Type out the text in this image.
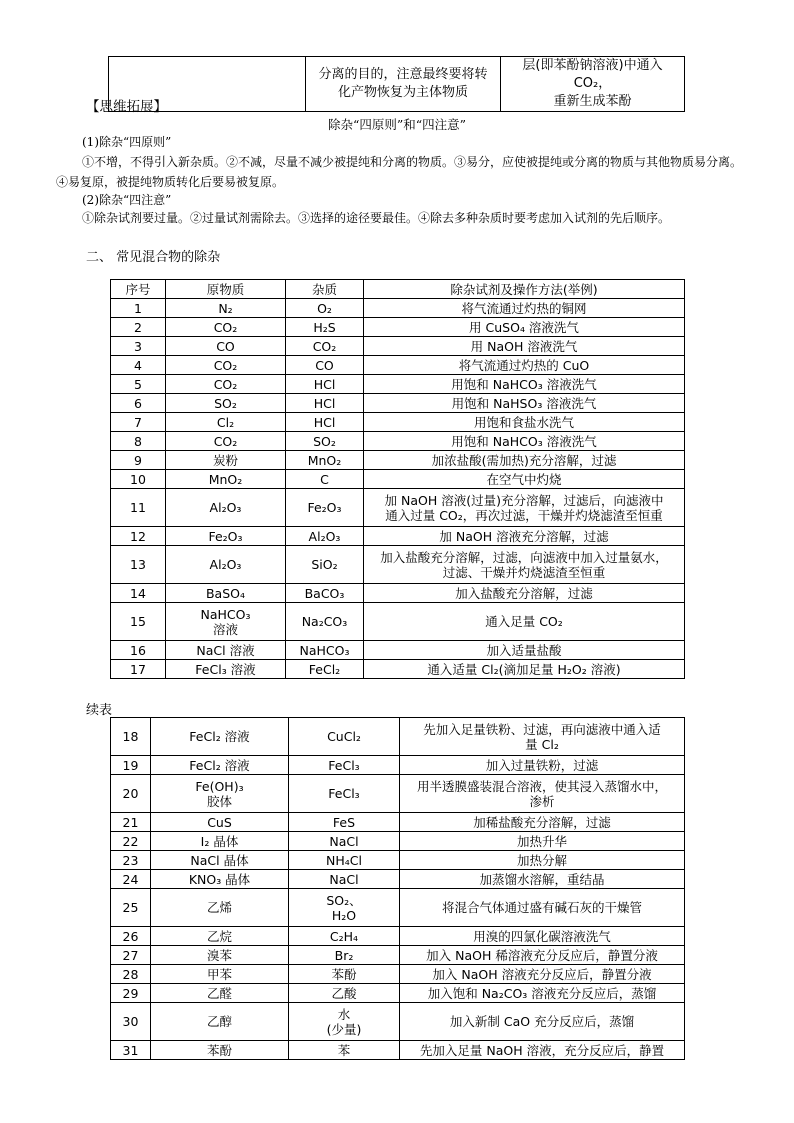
分离的目的，注意最终要将转
化产物恢复为主体物质

层(即苯酚钠溶液)中通入 CO₂，
重新生成苯酚
【思维拓展】
除杂“四原则”和“四注意”
(1)除杂“四原则”
①不增，不得引入新杂质。②不减，尽量不减少被提纯和分离的物质。③易分，应使被提纯或分离的物质与其他物质易分离。④易复原，被提纯物质转化后要易被复原。
(2)除杂“四注意”
①除杂试剂要过量。②过量试剂需除去。③选择的途径要最佳。④除去多种杂质时要考虑加入试剂的先后顺序。
二、 常见混合物的除杂
序号	原物质	杂质	除杂试剂及操作方法(举例)

1	N₂	O₂	将气流通过灼热的铜网

2	CO₂	H₂S	用 CuSO₄ 溶液洗气

3	CO	CO₂	用 NaOH 溶液洗气

4	CO₂	CO	将气流通过灼热的 CuO

5	CO₂	HCl	用饱和 NaHCO₃ 溶液洗气

6	SO₂	HCl	用饱和 NaHSO₃ 溶液洗气

7	Cl₂	HCl	用饱和食盐水洗气

8	CO₂	SO₂	用饱和 NaHCO₃ 溶液洗气

9	炭粉	MnO₂	加浓盐酸(需加热)充分溶解，过滤

10	MnO₂	C	在空气中灼烧

11	Al₂O₃	Fe₂O₃	加 NaOH 溶液(过量)充分溶解，过滤后，向滤液中
通入过量 CO₂，再次过滤，干燥并灼烧滤渣至恒重

12	Fe₂O₃	Al₂O₃	加 NaOH 溶液充分溶解，过滤

13	Al₂O₃	SiO₂	加入盐酸充分溶解，过滤，向滤液中加入过量氨水，
过滤、干燥并灼烧滤渣至恒重

14	BaSO₄	BaCO₃	加入盐酸充分溶解，过滤

15	NaHCO₃
溶液	Na₂CO₃	通入足量 CO₂

16	NaCl 溶液	NaHCO₃	加入适量盐酸

17	FeCl₃ 溶液	FeCl₂	通入适量 Cl₂(滴加足量 H₂O₂ 溶液)
续表
18	FeCl₂ 溶液	CuCl₂	先加入足量铁粉、过滤，再向滤液中通入适
量 Cl₂

19	FeCl₂ 溶液	FeCl₃	加入过量铁粉，过滤

20	Fe(OH)₃
胶体	FeCl₃	用半透膜盛装混合溶液，使其浸入蒸馏水中，
渗析

21	CuS	FeS	加稀盐酸充分溶解，过滤

22	I₂ 晶体	NaCl	加热升华

23	NaCl 晶体	NH₄Cl	加热分解

24	KNO₃ 晶体	NaCl	加蒸馏水溶解，重结晶

25	乙烯	SO₂、
H₂O	将混合气体通过盛有碱石灰的干燥管

26	乙烷	C₂H₄	用溴的四氯化碳溶液洗气

27	溴苯	Br₂	加入 NaOH 稀溶液充分反应后，静置分液

28	甲苯	苯酚	加入 NaOH 溶液充分反应后，静置分液

29	乙醛	乙酸	加入饱和 Na₂CO₃ 溶液充分反应后，蒸馏

30	乙醇	水
(少量)	加入新制 CaO 充分反应后，蒸馏

31	苯酚	苯	先加入足量 NaOH 溶液，充分反应后，静置
